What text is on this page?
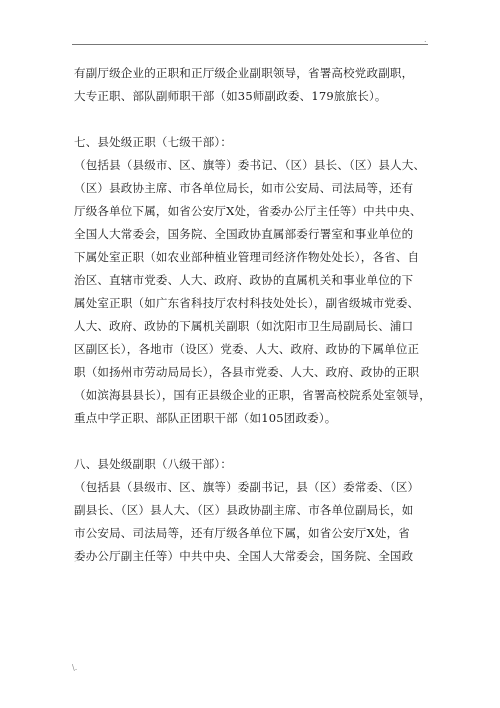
.
有副厅级企业的正职和正厅级企业副职领导，省署高校党政副职，
大专正职、部队副师职干部（如35师副政委、179旅旅长）。
七、县处级正职（七级干部）：
（包括县（县级市、区、旗等）委书记、（区）县长、（区）县人大、
（区）县政协主席、市各单位局长，如市公安局、司法局等，还有
厅级各单位下属，如省公安厅X处，省委办公厅主任等）中共中央、
全国人大常委会，国务院、全国政协直属部委行署室和事业单位的
下属处室正职（如农业部种植业管理司经济作物处处长），各省、自
治区、直辖市党委、人大、政府、政协的直属机关和事业单位的下
属处室正职（如广东省科技厅农村科技处处长），副省级城市党委、
人大、政府、政协的下属机关副职（如沈阳市卫生局副局长、浦口
区副区长），各地市（设区）党委、人大、政府、政协的下属单位正
职（如扬州市劳动局局长），各县市党委、人大、政府、政协的正职
（如滨海县县长），国有正县级企业的正职，省署高校院系处室领导，
重点中学正职、部队正团职干部（如105团政委）。
八、县处级副职（八级干部）：
（包括县（县级市、区、旗等）委副书记，县（区）委常委、（区）
副县长、（区）县人大、（区）县政协副主席、市各单位副局长，如
市公安局、司法局等，还有厅级各单位下属，如省公安厅X处，省
委办公厅副主任等）中共中央、全国人大常委会，国务院、全国政
\.
